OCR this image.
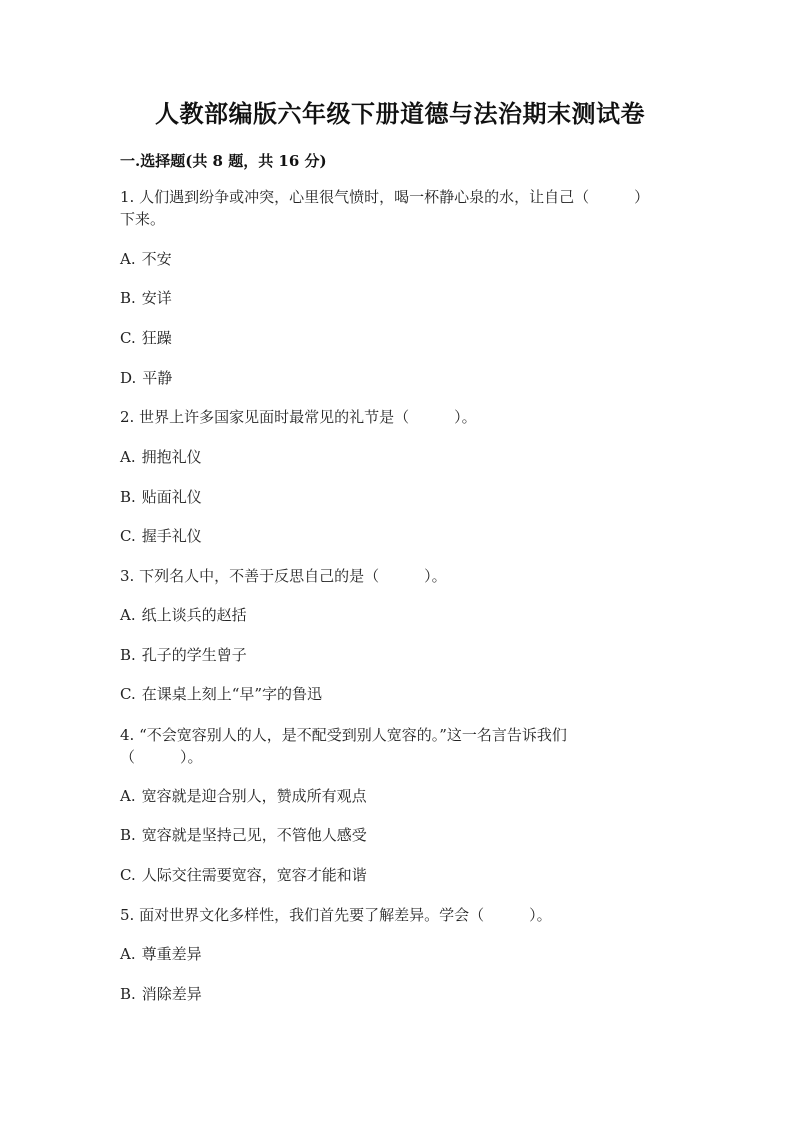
人教部编版六年级下册道德与法治期末测试卷
一.选择题(共 8 题，共 16 分)
1. 人们遇到纷争或冲突，心里很气愤时，喝一杯静心泉的水，让自己（　　　）
下来。
A. 不安
B. 安详
C. 狂躁
D. 平静
2. 世界上许多国家见面时最常见的礼节是（　　　）。
A. 拥抱礼仪
B. 贴面礼仪
C. 握手礼仪
3. 下列名人中，不善于反思自己的是（　　　）。
A. 纸上谈兵的赵括
B. 孔子的学生曾子
C. 在课桌上刻上“早”字的鲁迅
4. “不会宽容别人的人，是不配受到别人宽容的。”这一名言告诉我们
（　　　）。
A. 宽容就是迎合别人，赞成所有观点
B. 宽容就是坚持己见，不管他人感受
C. 人际交往需要宽容，宽容才能和谐
5. 面对世界文化多样性，我们首先要了解差异。学会（　　　）。
A. 尊重差异
B. 消除差异
